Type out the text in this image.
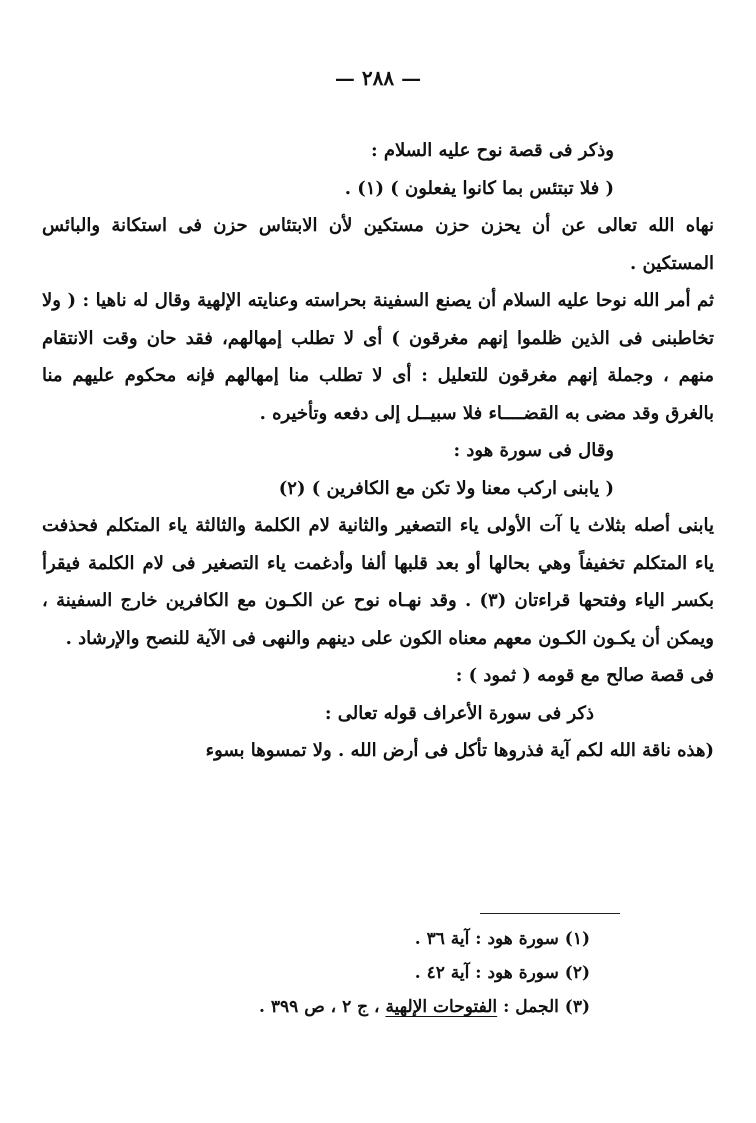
— ٢٨٨ —

وذكر فى قصة نوح عليه السلام :

( فلا تبتئس بما كانوا يفعلون ) (١) .

نهاه الله تعالى عن أن يحزن حزن مستكين لأن الابتئاس حزن فى استكانة والبائس المستكين .

ثم أمر الله نوحا عليه السلام أن يصنع السفينة بحراسته وعنايته الإلهية وقال له ناهيا : ( ولا تخاطبنى فى الذين ظلموا إنهم مغرقون ) أى لا تطلب إمهالهم، فقد حان وقت الانتقام منهم ، وجملة إنهم مغرقون للتعليل : أى لا تطلب منا إمهالهم فإنه محكوم عليهم منا بالغرق وقد مضى به القضــــاء فلا سبيــل إلى دفعه وتأخيره .

وقال فى سورة هود :

( يابنى اركب معنا ولا تكن مع الكافرين ) (٢)

يابنى أصله بثلاث يا آت الأولى ياء التصغير والثانية لام الكلمة والثالثة ياء المتكلم فحذفت ياء المتكلم تخفيفاً وهي بحالها أو بعد قلبها ألفا وأدغمت ياء التصغير فى لام الكلمة فيقرأ بكسر الياء وفتحها قراءتان (٣) . وقد نهـاه نوح عن الكـون مع الكافرين خارج السفينة ، ويمكن أن يكـون الكـون معهم معناه الكون على دينهم والنهى فى الآية للنصح والإرشاد .

فى قصة صالح مع قومه ( ثمود ) :

ذكر فى سورة الأعراف قوله تعالى :

(هذه ناقة الله لكم آية فذروها تأكل فى أرض الله . ولا تمسوها بسوء

(١) سورة هود : آية ٣٦ .
(٢) سورة هود : آية ٤٢ .
(٣) الجمل : الفتوحات الإلهية ، ج ٢ ، ص ٣٩٩ .
